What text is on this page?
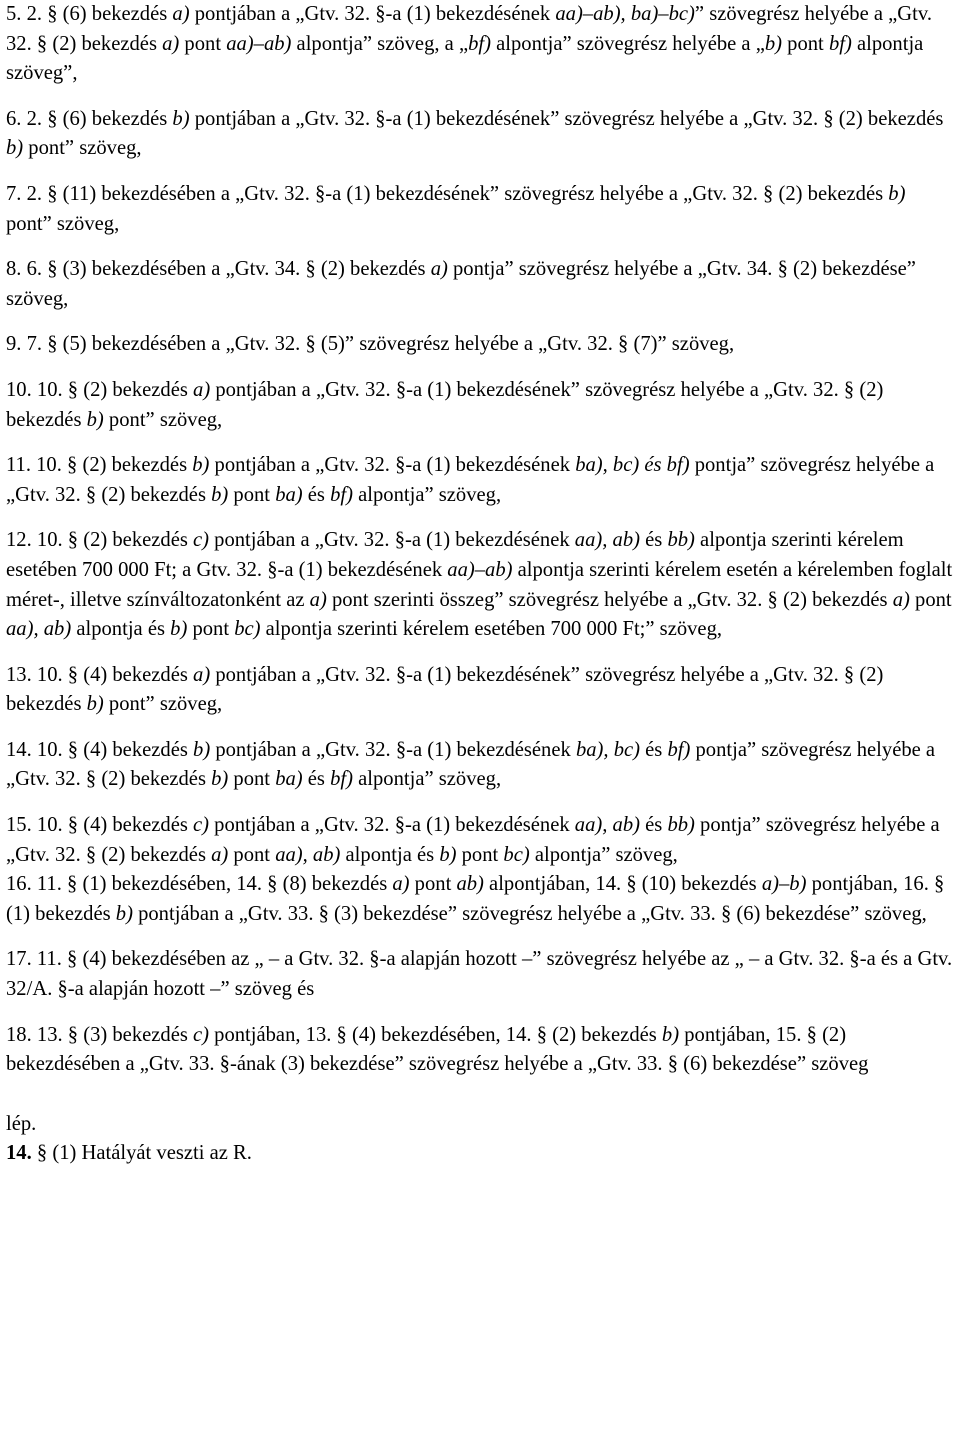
5. 2. § (6) bekezdés a) pontjában a „Gtv. 32. §-a (1) bekezdésének aa)–ab), ba)–bc)” szövegrész helyébe a „Gtv. 32. § (2) bekezdés a) pont aa)–ab) alpontja” szöveg, a „bf) alpontja” szövegrész helyébe a „b) pont bf) alpontja szöveg”,
6. 2. § (6) bekezdés b) pontjában a „Gtv. 32. §-a (1) bekezdésének” szövegrész helyébe a „Gtv. 32. § (2) bekezdés b) pont” szöveg,
7. 2. § (11) bekezdésében a „Gtv. 32. §-a (1) bekezdésének” szövegrész helyébe a „Gtv. 32. § (2) bekezdés b) pont” szöveg,
8. 6. § (3) bekezdésében a „Gtv. 34. § (2) bekezdés a) pontja” szövegrész helyébe a „Gtv. 34. § (2) bekezdése” szöveg,
9. 7. § (5) bekezdésében a „Gtv. 32. § (5)” szövegrész helyébe a „Gtv. 32. § (7)” szöveg,
10. 10. § (2) bekezdés a) pontjában a „Gtv. 32. §-a (1) bekezdésének” szövegrész helyébe a „Gtv. 32. § (2) bekezdés b) pont” szöveg,
11. 10. § (2) bekezdés b) pontjában a „Gtv. 32. §-a (1) bekezdésének ba), bc) és bf) pontja” szövegrész helyébe a „Gtv. 32. § (2) bekezdés b) pont ba) és bf) alpontja” szöveg,
12. 10. § (2) bekezdés c) pontjában a „Gtv. 32. §-a (1) bekezdésének aa), ab) és bb) alpontja szerinti kérelem esetében 700 000 Ft; a Gtv. 32. §-a (1) bekezdésének aa)–ab) alpontja szerinti kérelem esetén a kérelemben foglalt méret-, illetve színváltozatonként az a) pont szerinti összeg” szövegrész helyébe a „Gtv. 32. § (2) bekezdés a) pont aa), ab) alpontja és b) pont bc) alpontja szerinti kérelem esetében 700 000 Ft;” szöveg,
13. 10. § (4) bekezdés a) pontjában a „Gtv. 32. §-a (1) bekezdésének” szövegrész helyébe a „Gtv. 32. § (2) bekezdés b) pont” szöveg,
14. 10. § (4) bekezdés b) pontjában a „Gtv. 32. §-a (1) bekezdésének ba), bc) és bf) pontja” szövegrész helyébe a „Gtv. 32. § (2) bekezdés b) pont ba) és bf) alpontja” szöveg,
15. 10. § (4) bekezdés c) pontjában a „Gtv. 32. §-a (1) bekezdésének aa), ab) és bb) pontja” szövegrész helyébe a „Gtv. 32. § (2) bekezdés a) pont aa), ab) alpontja és b) pont bc) alpontja” szöveg,
16. 11. § (1) bekezdésében, 14. § (8) bekezdés a) pont ab) alpontjában, 14. § (10) bekezdés a)–b) pontjában, 16. § (1) bekezdés b) pontjában a „Gtv. 33. § (3) bekezdése” szövegrész helyébe a „Gtv. 33. § (6) bekezdése” szöveg,
17. 11. § (4) bekezdésében az „ – a Gtv. 32. §-a alapján hozott –” szövegrész helyébe az „ – a Gtv. 32. §-a és a Gtv. 32/A. §-a alapján hozott –” szöveg és
18. 13. § (3) bekezdés c) pontjában, 13. § (4) bekezdésében, 14. § (2) bekezdés b) pontjában, 15. § (2) bekezdésében a „Gtv. 33. §-ának (3) bekezdése” szövegrész helyébe a „Gtv. 33. § (6) bekezdése” szöveg
lép.
14. § (1) Hatályát veszti az R.
